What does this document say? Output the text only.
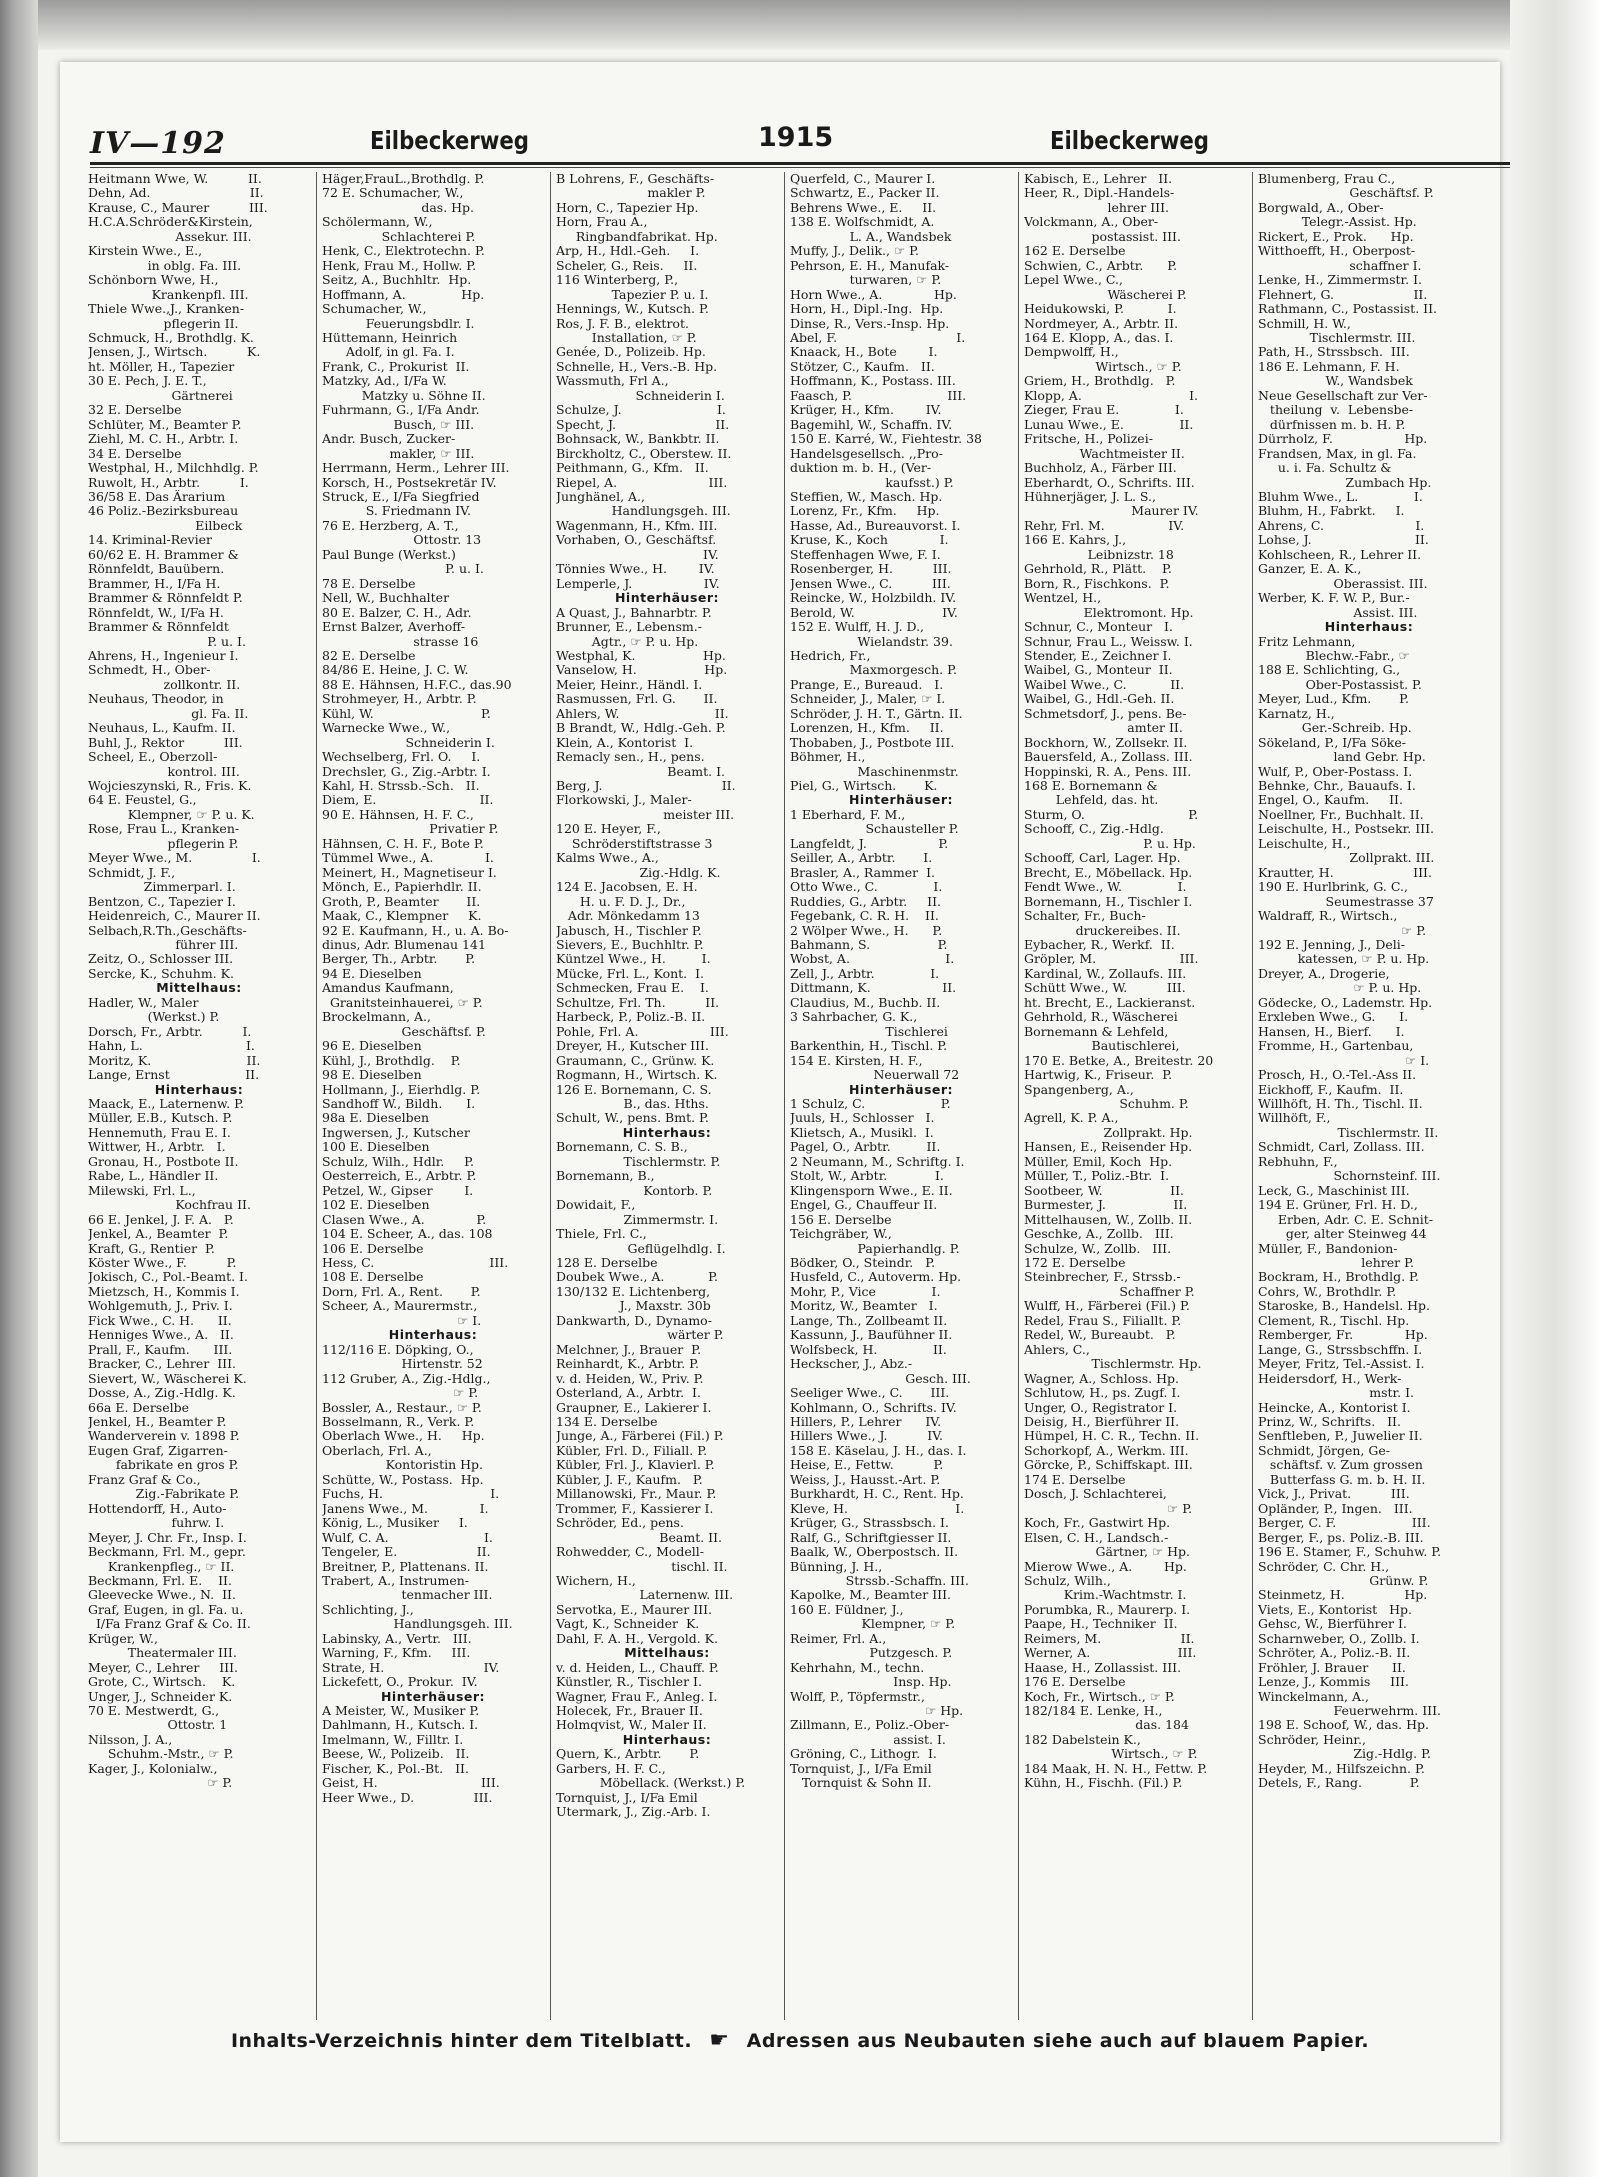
IV—192	Eilbeckerweg	1915	Eilbeckerweg
Heitmann Wwe, W.          II.
Dehn, Ad.                         II.
Krause, C., Maurer          III.
H.C.A.Schröder&Kirstein,
Assekur. III.
Kirstein Wwe., E.,
in oblg. Fa. III.
Schönborn Wwe, H.,
Krankenpfl. III.
Thiele Wwe.,J., Kranken-
pflegerin II.
Schmuck, H., Brothdlg. K.
Jensen, J., Wirtsch.          K.
ht. Möller, H., Tapezier
30 E. Pech, J. E. T.,
Gärtnerei
32 E. Derselbe
Schlüter, M., Beamter P.
Ziehl, M. C. H., Arbtr. I.
34 E. Derselbe
Westphal, H., Milchhdlg. P.
Ruwolt, H., Arbtr.          I.
36/58 E. Das Ärarium
46 Poliz.-Bezirksbureau
Eilbeck
14. Kriminal-Revier
60/62 E. H. Brammer &
Rönnfeldt, Bauübern.
Brammer, H., I/Fa H.
Brammer & Rönnfeldt P.
Rönnfeldt, W., I/Fa H.
Brammer & Rönnfeldt
P. u. I.
Ahrens, H., Ingenieur I.
Schmedt, H., Ober-
zollkontr. II.
Neuhaus, Theodor, in
gl. Fa. II.
Neuhaus, L., Kaufm. II.
Buhl, J., Rektor          III.
Scheel, E., Oberzoll-
kontrol. III.
Wojcieszynski, R., Fris. K.
64 E. Feustel, G.,
Klempner, ☞ P. u. K.
Rose, Frau L., Kranken-
pflegerin P.
Meyer Wwe., M.               I.
Schmidt, J. F.,
Zimmerparl. I.
Bentzon, C., Tapezier I.
Heidenreich, C., Maurer II.
Selbach,R.Th.,Geschäfts-
führer III.
Zeitz, O., Schlosser III.
Sercke, K., Schuhm. K.
Mittelhaus:
Hadler, W., Maler
(Werkst.) P.
Dorsch, Fr., Arbtr.          I.
Hahn, L.                          I.
Moritz, K.                        II.
Lange, Ernst                   II.
Hinterhaus:
Maack, E., Laternenw. P.
Müller, E.B., Kutsch. P.
Hennemuth, Frau E. I.
Wittwer, H., Arbtr.   I.
Gronau, H., Postbote II.
Rabe, L., Händler II.
Milewski, Frl. L.,
Kochfrau II.
66 E. Jenkel, J. F. A.   P.
Jenkel, A., Beamter  P.
Kraft, G., Rentier  P.
Köster Wwe., F.          P.
Jokisch, C., Pol.-Beamt. I.
Mietzsch, H., Kommis I.
Wohlgemuth, J., Priv. I.
Fick Wwe., C. H.      II.
Henniges Wwe., A.   II.
Prall, F., Kaufm.      III.
Bracker, C., Lehrer  III.
Sievert, W., Wäscherei K.
Dosse, A., Zig.-Hdlg. K.
66a E. Derselbe
Jenkel, H., Beamter P.
Wanderverein v. 1898 P.
Eugen Graf, Zigarren-
fabrikate en gros P.
Franz Graf & Co.,
Zig.-Fabrikate P.
Hottendorff, H., Auto-
fuhrw. I.
Meyer, J. Chr. Fr., Insp. I.
Beckmann, Frl. M., gepr.
Krankenpfleg., ☞ II.
Beckmann, Frl. E.    II.
Gleevecke Wwe., N.  II.
Graf, Eugen, in gl. Fa. u.
I/Fa Franz Graf & Co. II.
Krüger, W.,
Theatermaler III.
Meyer, C., Lehrer     III.
Grote, C., Wirtsch.    K.
Unger, J., Schneider K.
70 E. Mestwerdt, G.,
Ottostr. 1
Nilsson, J. A.,
Schuhm.-Mstr., ☞ P.
Kager, J., Kolonialw.,
☞ P.
Häger,FrauL.,Brothdlg. P.
72 E. Schumacher, W.,
das. Hp.
Schölermann, W.,
Schlachterei P.
Henk, C., Elektrotechn. P.
Henk, Frau M., Hollw. P.
Seitz, A., Buchhltr.  Hp.
Hoffmann, A.              Hp.
Schumacher, W.,
Feuerungsbdlr. I.
Hüttemann, Heinrich
Adolf, in gl. Fa. I.
Frank, C., Prokurist  II.
Matzky, Ad., I/Fa W.
Matzky u. Söhne II.
Fuhrmann, G., I/Fa Andr.
Busch, ☞ III.
Andr. Busch, Zucker-
makler, ☞ III.
Herrmann, Herm., Lehrer III.
Korsch, H., Postsekretär IV.
Struck, E., I/Fa Siegfried
S. Friedmann IV.
76 E. Herzberg, A. T.,
Ottostr. 13
Paul Bunge (Werkst.)
P. u. I.
78 E. Derselbe
Nell, W., Buchhalter
80 E. Balzer, C. H., Adr.
Ernst Balzer, Averhoff-
strasse 16
82 E. Derselbe
84/86 E. Heine, J. C. W.
88 E. Hähnsen, H.F.C., das.90
Strohmeyer, H., Arbtr. P.
Kühl, W.                           P.
Warnecke Wwe., W.,
Schneiderin I.
Wechselberg, Frl. O.     I.
Drechsler, G., Zig.-Arbtr. I.
Kahl, H. Strssb.-Sch.   II.
Diem, E.                          II.
90 E. Hähnsen, H. F. C.,
Privatier P.
Hähnsen, C. H. F., Bote P.
Tümmel Wwe., A.             I.
Meinert, H., Magnetiseur I.
Mönch, E., Papierhdlr. II.
Groth, P., Beamter       II.
Maak, C., Klempner     K.
92 E. Kaufmann, H., u. A. Bo-
dinus, Adr. Blumenau 141
Berger, Th., Arbtr.       P.
94 E. Dieselben
Amandus Kaufmann,
Granitsteinhauerei, ☞ P.
Brockelmann, A.,
Geschäftsf. P.
96 E. Dieselben
Kühl, J., Brothdlg.    P.
98 E. Dieselben
Hollmann, J., Eierhdlg. P.
Sandhoff W., Bildh.      I.
98a E. Dieselben
Ingwersen, J., Kutscher
100 E. Dieselben
Schulz, Wilh., Hdlr.     P.
Oesterreich, E., Arbtr. P.
Petzel, W., Gipser        I.
102 E. Dieselben
Clasen Wwe., A.             P.
104 E. Scheer, A., das. 108
106 E. Derselbe
Hess, C.                             III.
108 E. Derselbe
Dorn, Frl. A., Rent.       P.
Scheer, A., Maurermstr.,
☞ I.
Hinterhaus:
112/116 E. Döpking, O.,
Hirtenstr. 52
112 Gruber, A., Zig.-Hdlg.,
☞ P.
Bossler, A., Restaur., ☞ P.
Bosselmann, R., Verk. P.
Oberlach Wwe., H.     Hp.
Oberlach, Frl. A.,
Kontoristin Hp.
Schütte, W., Postass.  Hp.
Fuchs, H.                           I.
Janens Wwe., M.             I.
König, L., Musiker     I.
Wulf, C. A.                        I.
Tengeler, E.                    II.
Breitner, P., Plattenans. II.
Trabert, A., Instrumen-
tenmacher III.
Schlichting, J.,
Handlungsgeh. III.
Labinsky, A., Vertr.   III.
Warning, F., Kfm.     III.
Strate, H.                         IV.
Lickefett, O., Prokur.  IV.
Hinterhäuser:
A Meister, W., Musiker P.
Dahlmann, H., Kutsch. I.
Imelmann, W., Filltr. I.
Beese, W., Polizeib.   II.
Fischer, K., Pol.-Bt.   II.
Geist, H.                          III.
Heer Wwe., D.               III.
B Lohrens, F., Geschäfts-
makler P.
Horn, C., Tapezier Hp.
Horn, Frau A.,
Ringbandfabrikat. Hp.
Arp, H., Hdl.-Geh.     I.
Scheler, G., Reis.     II.
116 Winterberg, P.,
Tapezier P. u. I.
Hennings, W., Kutsch. P.
Ros, J. F. B., elektrot.
Installation, ☞ P.
Genée, D., Polizeib. Hp.
Schnelle, H., Vers.-B. Hp.
Wassmuth, Frl A.,
Schneiderin I.
Schulze, J.                        I.
Specht, J.                         II.
Bohnsack, W., Bankbtr. II.
Birckholtz, C., Oberstew. II.
Peithmann, G., Kfm.   II.
Riepel, A.                       III.
Junghänel, A.,
Handlungsgeh. III.
Wagenmann, H., Kfm. III.
Vorhaben, O., Geschäftsf.
IV.
Tönnies Wwe., H.        IV.
Lemperle, J.                  IV.
Hinterhäuser:
A Quast, J., Bahnarbtr. P.
Brunner, E., Lebensm.-
Agtr., ☞ P. u. Hp.
Westphal, K.                 Hp.
Vanselow, H.                 Hp.
Meier, Heinr., Händl. I.
Rasmussen, Frl. G.       II.
Ahlers, W.                        II.
B Brandt, W., Hdlg.-Geh. P.
Klein, A., Kontorist  I.
Remacly sen., H., pens.
Beamt. I.
Berg, J.                              II.
Florkowski, J., Maler-
meister III.
120 E. Heyer, F.,
Schröderstiftstrasse 3
Kalms Wwe., A.,
Zig.-Hdlg. K.
124 E. Jacobsen, E. H.
H. u. F. D. J., Dr.,
Adr. Mönkedamm 13
Jabusch, H., Tischler P.
Sievers, E., Buchhltr. P.
Küntzel Wwe., H.         I.
Mücke, Frl. L., Kont.  I.
Schmecken, Frau E.    I.
Schultze, Frl. Th.          II.
Harbeck, P., Poliz.-B. II.
Pohle, Frl. A.                  III.
Dreyer, H., Kutscher III.
Graumann, C., Grünw. K.
Rogmann, H., Wirtsch. K.
126 E. Bornemann, C. S.
B., das. Hths.
Schult, W., pens. Bmt. P.
Hinterhaus:
Bornemann, C. S. B.,
Tischlermstr. P.
Bornemann, B.,
Kontorb. P.
Dowidait, F.,
Zimmermstr. I.
Thiele, Frl. C.,
Geflügelhdlg. I.
128 E. Derselbe
Doubek Wwe., A.           P.
130/132 E. Lichtenberg,
J., Maxstr. 30b
Dankwarth, D., Dynamo-
wärter P.
Melchner, J., Brauer  P.
Reinhardt, K., Arbtr. P.
v. d. Heiden, W., Priv. P.
Osterland, A., Arbtr.  I.
Graupner, E., Lakierer I.
134 E. Derselbe
Junge, A., Färberei (Fil.) P.
Kübler, Frl. D., Filiall. P.
Kübler, Frl. J., Klavierl. P.
Kübler, J. F., Kaufm.   P.
Millanowski, Fr., Maur. P.
Trommer, F., Kassierer I.
Schröder, Ed., pens.
Beamt. II.
Rohwedder, C., Modell-
tischl. II.
Wichern, H.,
Laternenw. III.
Servotka, E., Maurer III.
Vagt, K., Schneider  K.
Dahl, F. A. H., Vergold. K.
Mittelhaus:
v. d. Heiden, L., Chauff. P.
Künstler, R., Tischler I.
Wagner, Frau F., Anleg. I.
Holecek, Fr., Brauer II.
Holmqvist, W., Maler II.
Hinterhaus:
Quern, K., Arbtr.       P.
Garbers, H. F. C.,
Möbellack. (Werkst.) P.
Tornquist, J., I/Fa Emil
Utermark, J., Zig.-Arb. I.
Querfeld, C., Maurer I.
Schwartz, E., Packer II.
Behrens Wwe., E.     II.
138 E. Wolfschmidt, A.
L. A., Wandsbek
Muffy, J., Delik., ☞ P.
Pehrson, E. H., Manufak-
turwaren, ☞ P.
Horn Wwe., A.             Hp.
Horn, H., Dipl.-Ing.  Hp.
Dinse, R., Vers.-Insp. Hp.
Abel, F.                              I.
Knaack, H., Bote        I.
Stötzer, C., Kaufm.   II.
Hoffmann, K., Postass. III.
Faasch, P.                        III.
Krüger, H., Kfm.        IV.
Bagemihl, W., Schaffn. IV.
150 E. Karré, W., Fiehtestr. 38
Handelsgesellsch. ,,Pro-
duktion m. b. H., (Ver-
kaufsst.) P.
Steffien, W., Masch. Hp.
Lorenz, Fr., Kfm.     Hp.
Hasse, Ad., Bureauvorst. I.
Kruse, K., Koch             I.
Steffenhagen Wwe, F. I.
Rosenberger, H.          III.
Jensen Wwe., C.          III.
Reincke, W., Holzbildh. IV.
Berold, W.                      IV.
152 E. Wulff, H. J. D.,
Wielandstr. 39.
Hedrich, Fr.,
Maxmorgesch. P.
Prange, E., Bureaud.   I.
Schneider, J., Maler, ☞ I.
Schröder, J. H. T., Gärtn. II.
Lorenzen, H., Kfm.     II.
Thobaben, J., Postbote III.
Böhmer, H.,
Maschinenmstr.
Piel, G., Wirtsch.       K.
Hinterhäuser:
1 Eberhard, F. M.,
Schausteller P.
Langfeldt, J.                  P.
Seiller, A., Arbtr.       I.
Brasler, A., Rammer  I.
Otto Wwe., C.              I.
Ruddies, G., Arbtr.     II.
Fegebank, C. R. H.    II.
2 Wölper Wwe., H.      P.
Bahmann, S.                 P.
Wobst, A.                        I.
Zell, J., Arbtr.              I.
Dittmann, K.                  II.
Claudius, M., Buchb. II.
3 Sahrbacher, G. K.,
Tischlerei
Barkenthin, H., Tischl. P.
154 E. Kirsten, H. F.,
Neuerwall 72
Hinterhäuser:
1 Schulz, C.                   P.
Juuls, H., Schlosser   I.
Klietsch, A., Musikl.  I.
Pagel, O., Arbtr.         II.
2 Neumann, M., Schriftg. I.
Stolt, W., Arbtr.            I.
Klingensporn Wwe., E. II.
Engel, G., Chauffeur II.
156 E. Derselbe
Teichgräber, W.,
Papierhandlg. P.
Bödker, O., Steindr.   P.
Husfeld, C., Autoverm. Hp.
Mohr, P., Vice              I.
Moritz, W., Beamter   I.
Lange, Th., Zollbeamt II.
Kassunn, J., Baufühner II.
Wolfsbeck, H.              II.
Heckscher, J., Abz.-
Gesch. III.
Seeliger Wwe., C.       III.
Kohlmann, O., Schrifts. IV.
Hillers, P., Lehrer      IV.
Hillers Wwe., J.          IV.
158 E. Käselau, J. H., das. I.
Heise, E., Fettw.          P.
Weiss, J., Hausst.-Art. P.
Burkhardt, H. C., Rent. Hp.
Kleve, H.                           I.
Krüger, G., Strassbsch. I.
Ralf, G., Schriftgiesser II.
Baalk, W., Oberpostsch. II.
Bünning, J. H.,
Strssb.-Schaffn. III.
Kapolke, M., Beamter III.
160 E. Füldner, J.,
Klempner, ☞ P.
Reimer, Frl. A.,
Putzgesch. P.
Kehrhahn, M., techn.
Insp. Hp.
Wolff, P., Töpfermstr.,
☞ Hp.
Zillmann, E., Poliz.-Ober-
assist. I.
Gröning, C., Lithogr.  I.
Tornquist, J., I/Fa Emil
Tornquist & Sohn II.
Kabisch, E., Lehrer   II.
Heer, R., Dipl.-Handels-
lehrer III.
Volckmann, A., Ober-
postassist. III.
162 E. Derselbe
Schwien, C., Arbtr.      P.
Lepel Wwe., C.,
Wäscherei P.
Heidukowski, P.           I.
Nordmeyer, A., Arbtr. II.
164 E. Klopp, A., das. I.
Dempwolff, H.,
Wirtsch., ☞ P.
Griem, H., Brothdlg.   P.
Klopp, A.                           I.
Zieger, Frau E.              I.
Lunau Wwe., E.              II.
Fritsche, H., Polizei-
Wachtmeister II.
Buchholz, A., Färber III.
Eberhardt, O., Schrifts. III.
Hühnerjäger, J. L. S.,
Maurer IV.
Rehr, Frl. M.                IV.
166 E. Kahrs, J.,
Leibnizstr. 18
Gehrhold, R., Plätt.    P.
Born, R., Fischkons.  P.
Wentzel, H.,
Elektromont. Hp.
Schnur, C., Monteur   I.
Schnur, Frau L., Weissw. I.
Stender, E., Zeichner I.
Waibel, G., Monteur  II.
Waibel Wwe., C.           II.
Waibel, G., Hdl.-Geh. II.
Schmetsdorf, J., pens. Be-
amter II.
Bockhorn, W., Zollsekr. II.
Bauersfeld, A., Zollass. III.
Hoppinski, R. A., Pens. III.
168 E. Bornemann &
Lehfeld, das. ht.
Sturm, O.                          P.
Schooff, C., Zig.-Hdlg.
P. u. Hp.
Schooff, Carl, Lager. Hp.
Brecht, E., Möbellack. Hp.
Fendt Wwe., W.              I.
Bornemann, H., Tischler I.
Schalter, Fr., Buch-
druckereibes. II.
Eybacher, R., Werkf.  II.
Gröpler, M.                     III.
Kardinal, W., Zollaufs. III.
Schütt Wwe., W.          III.
ht. Brecht, E., Lackieranst.
Gehrhold, R., Wäscherei
Bornemann & Lehfeld,
Bautischlerei,
170 E. Betke, A., Breitestr. 20
Hartwig, K., Friseur.  P.
Spangenberg, A.,
Schuhm. P.
Agrell, K. P. A.,
Zollprakt. Hp.
Hansen, E., Reisender Hp.
Müller, Emil, Koch  Hp.
Müller, T., Poliz.-Btr.  I.
Sootbeer, W.                 II.
Burmester, J.                 II.
Mittelhausen, W., Zollb. II.
Geschke, A., Zollb.   III.
Schulze, W., Zollb.   III.
172 E. Derselbe
Steinbrecher, F., Strssb.-
Schaffner P.
Wulff, H., Färberei (Fil.) P.
Redel, Frau S., Filiallt. P.
Redel, W., Bureaubt.   P.
Ahlers, C.,
Tischlermstr. Hp.
Wagner, A., Schloss. Hp.
Schlutow, H., ps. Zugf. I.
Unger, O., Registrator I.
Deisig, H., Bierführer II.
Hümpel, H. C. R., Techn. II.
Schorkopf, A., Werkm. III.
Görcke, P., Schiffskapt. III.
174 E. Derselbe
Dosch, J. Schlachterei,
☞ P.
Koch, Fr., Gastwirt Hp.
Elsen, C. H., Landsch.-
Gärtner, ☞ Hp.
Mierow Wwe., A.        Hp.
Schulz, Wilh.,
Krim.-Wachtmstr. I.
Porumbka, R., Maurerp. I.
Paape, H., Techniker  II.
Reimers, M.                    II.
Werner, A.                      III.
Haase, H., Zollassist. III.
176 E. Derselbe
Koch, Fr., Wirtsch., ☞ P.
182/184 E. Lenke, H.,
das. 184
182 Dabelstein K.,
Wirtsch., ☞ P.
184 Maak, H. N. H., Fettw. P.
Kühn, H., Fischh. (Fil.) P.
Blumenberg, Frau C.,
Geschäftsf. P.
Borgwald, A., Ober-
Telegr.-Assist. Hp.
Rickert, E., Prok.      Hp.
Witthoefft, H., Oberpost-
schaffner I.
Lenke, H., Zimmermstr. I.
Flehnert, G.                    II.
Rathmann, C., Postassist. II.
Schmill, H. W.,
Tischlermstr. III.
Path, H., Strssbsch.  III.
186 E. Lehmann, F. H.
W., Wandsbek
Neue Gesellschaft zur Ver-
theilung  v.  Lebensbe-
dürfnissen m. b. H. P.
Dürrholz, F.                  Hp.
Frandsen, Max, in gl. Fa.
u. i. Fa. Schultz &
Zumbach Hp.
Bluhm Wwe., L.              I.
Bluhm, H., Fabrkt.     I.
Ahrens, C.                       I.
Lohse, J.                          II.
Kohlscheen, R., Lehrer II.
Ganzer, E. A. K.,
Oberassist. III.
Werber, K. F. W. P., Bur.-
Assist. III.
Hinterhaus:
Fritz Lehmann,
Blechw.-Fabr., ☞
188 E. Schlichting, G.,
Ober-Postassist. P.
Meyer, Lud., Kfm.       P.
Karnatz, H.,
Ger.-Schreib. Hp.
Sökeland, P., I/Fa Söke-
land Gebr. Hp.
Wulf, P., Ober-Postass. I.
Behnke, Chr., Bauaufs. I.
Engel, O., Kaufm.     II.
Noellner, Fr., Buchhalt. II.
Leischulte, H., Postsekr. III.
Leischulte, H.,
Zollprakt. III.
Krautter, H.                    III.
190 E. Hurlbrink, G. C.,
Seumestrasse 37
Waldraff, R., Wirtsch.,
☞ P.
192 E. Jenning, J., Deli-
katessen, ☞ P. u. Hp.
Dreyer, A., Drogerie,
☞ P. u. Hp.
Gödecke, O., Lademstr. Hp.
Erxleben Wwe., G.      I.
Hansen, H., Bierf.      I.
Fromme, H., Gartenbau,
☞ I.
Prosch, H., O.-Tel.-Ass II.
Eickhoff, F., Kaufm.  II.
Willhöft, H. Th., Tischl. II.
Willhöft, F.,
Tischlermstr. II.
Schmidt, Carl, Zollass. III.
Rebhuhn, F.,
Schornsteinf. III.
Leck, G., Maschinist III.
194 E. Grüner, Frl. H. D.,
Erben, Adr. C. E. Schnit-
ger, alter Steinweg 44
Müller, F., Bandonion-
lehrer P.
Bockram, H., Brothdlg. P.
Cohrs, W., Brothdlr. P.
Staroske, B., Handelsl. Hp.
Clement, R., Tischl. Hp.
Remberger, Fr.             Hp.
Lange, G., Strssbschffn. I.
Meyer, Fritz, Tel.-Assist. I.
Heidersdorf, H., Werk-
mstr. I.
Heincke, A., Kontorist I.
Prinz, W., Schrifts.   II.
Senftleben, P., Juwelier II.
Schmidt, Jörgen, Ge-
schäftsf. v. Zum grossen
Butterfass G. m. b. H. II.
Vick, J., Privat.          III.
Opländer, P., Ingen.   III.
Berger, C. F.                   III.
Berger, F., ps. Poliz.-B. III.
196 E. Stamer, F., Schuhw. P.
Schröder, C. Chr. H.,
Grünw. P.
Steinmetz, H.               Hp.
Viets, E., Kontorist   Hp.
Gehsc, W., Bierführer I.
Scharnweber, O., Zollb. I.
Schröter, A., Poliz.-B. II.
Fröhler, J. Brauer      II.
Lenze, J., Kommis     III.
Winckelmann, A.,
Feuerwehrm. III.
198 E. Schoof, W., das. Hp.
Schröder, Heinr.,
Zig.-Hdlg. P.
Heyder, M., Hilfszeichn. P.
Detels, F., Rang.            P.
Inhalts-Verzeichnis hinter dem Titelblatt. ☛ Adressen aus Neubauten siehe auch auf blauem Papier.
